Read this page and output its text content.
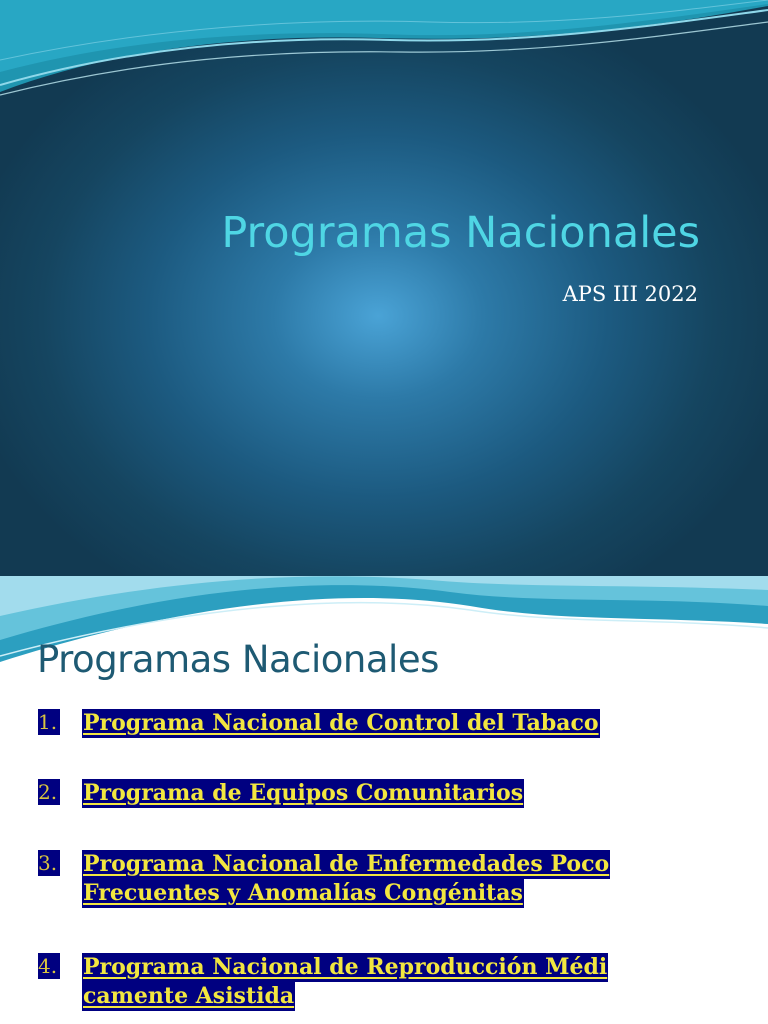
Programas Nacionales
APS III 2022
Programas Nacionales
1. Programa Nacional de Control del Tabaco
2. Programa de Equipos Comunitarios
3. Programa Nacional de Enfermedades Poco
Frecuentes y Anomalías Congénitas
4. Programa Nacional de Reproducción Médi
camente Asistida
